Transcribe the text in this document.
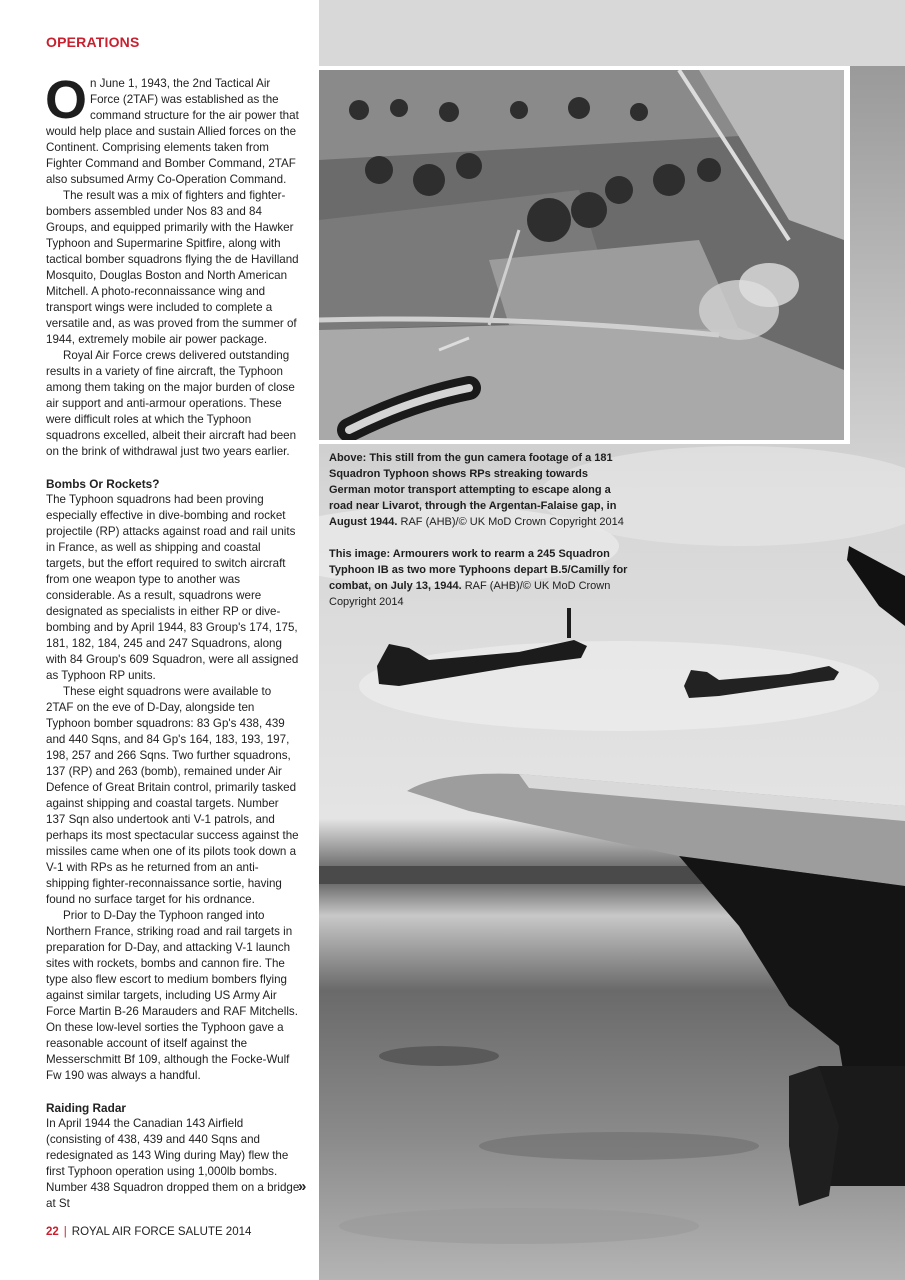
OPERATIONS

On June 1, 1943, the 2nd Tactical Air Force (2TAF) was established as the command structure for the air power that would help place and sustain Allied forces on the Continent. Comprising elements taken from Fighter Command and Bomber Command, 2TAF also subsumed Army Co-Operation Command.

The result was a mix of fighters and fighter-bombers assembled under Nos 83 and 84 Groups, and equipped primarily with the Hawker Typhoon and Supermarine Spitfire, along with tactical bomber squadrons flying the de Havilland Mosquito, Douglas Boston and North American Mitchell. A photo-reconnaissance wing and transport wings were included to complete a versatile and, as was proved from the summer of 1944, extremely mobile air power package.

Royal Air Force crews delivered outstanding results in a variety of fine aircraft, the Typhoon among them taking on the major burden of close air support and anti-armour operations. These were difficult roles at which the Typhoon squadrons excelled, albeit their aircraft had been on the brink of withdrawal just two years earlier.

Bombs Or Rockets?

The Typhoon squadrons had been proving especially effective in dive-bombing and rocket projectile (RP) attacks against road and rail units in France, as well as shipping and coastal targets, but the effort required to switch aircraft from one weapon type to another was considerable. As a result, squadrons were designated as specialists in either RP or dive-bombing and by April 1944, 83 Group's 174, 175, 181, 182, 184, 245 and 247 Squadrons, along with 84 Group's 609 Squadron, were all assigned as Typhoon RP units.

These eight squadrons were available to 2TAF on the eve of D-Day, alongside ten Typhoon bomber squadrons: 83 Gp's 438, 439 and 440 Sqns, and 84 Gp's 164, 183, 193, 197, 198, 257 and 266 Sqns. Two further squadrons, 137 (RP) and 263 (bomb), remained under Air Defence of Great Britain control, primarily tasked against shipping and coastal targets. Number 137 Sqn also undertook anti V-1 patrols, and perhaps its most spectacular success against the missiles came when one of its pilots took down a V-1 with RPs as he returned from an anti-shipping fighter-reconnaissance sortie, having found no surface target for his ordnance.

Prior to D-Day the Typhoon ranged into Northern France, striking road and rail targets in preparation for D-Day, and attacking V-1 launch sites with rockets, bombs and cannon fire. The type also flew escort to medium bombers flying against similar targets, including US Army Air Force Martin B-26 Marauders and RAF Mitchells. On these low-level sorties the Typhoon gave a reasonable account of itself against the Messerschmitt Bf 109, although the Focke-Wulf Fw 190 was always a handful.

Raiding Radar

In April 1944 the Canadian 143 Airfield (consisting of 438, 439 and 440 Sqns and redesignated as 143 Wing during May) flew the first Typhoon operation using 1,000lb bombs. Number 438 Squadron dropped them on a bridge at St

»
Above: This still from the gun camera footage of a 181 Squadron Typhoon shows RPs streaking towards German motor transport attempting to escape along a road near Livarot, through the Argentan-Falaise gap, in August 1944. RAF (AHB)/© UK MoD Crown Copyright 2014
This image: Armourers work to rearm a 245 Squadron Typhoon IB as two more Typhoons depart B.5/Camilly for combat, on July 13, 1944. RAF (AHB)/© UK MoD Crown Copyright 2014
22 | ROYAL AIR FORCE SALUTE 2014
